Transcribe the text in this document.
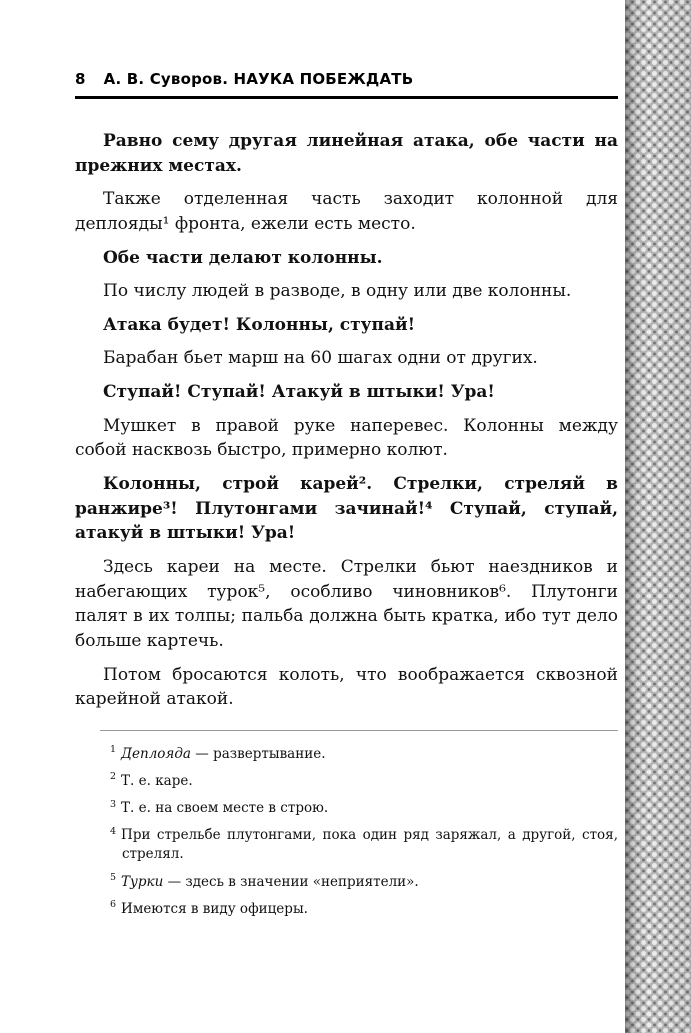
8 А. В. Суворов. НАУКА ПОБЕЖДАТЬ

Равно сему другая линейная атака, обе части на прежних местах.

Также отделенная часть заходит колонной для деплояды¹ фронта, ежели есть место.

Обе части делают колонны.

По числу людей в разводе, в одну или две колонны.

Атака будет! Колонны, ступай!

Барабан бьет марш на 60 шагах одни от других.

Ступай! Ступай! Атакуй в штыки! Ура!

Мушкет в правой руке наперевес. Колонны между собой насквозь быстро, примерно колют.

Колонны, строй карей². Стрелки, стреляй в ранжире³! Плутонгами зачинай!⁴ Ступай, ступай, атакуй в штыки! Ура!

Здесь кареи на месте. Стрелки бьют наездников и набегающих турок⁵, особливо чиновников⁶. Плутонги палят в их толпы; пальба должна быть кратка, ибо тут дело больше картечь.

Потом бросаются колоть, что воображается сквозной карейной атакой.

$^1$ Деплояда — развертывание.

$^2$ Т. е. каре.

$^3$ Т. е. на своем месте в строю.

$^4$ При стрельбе плутонгами, пока один ряд заряжал, а другой, стоя, стрелял.

$^5$ Турки — здесь в значении «неприятели».

$^6$ Имеются в виду офицеры.
